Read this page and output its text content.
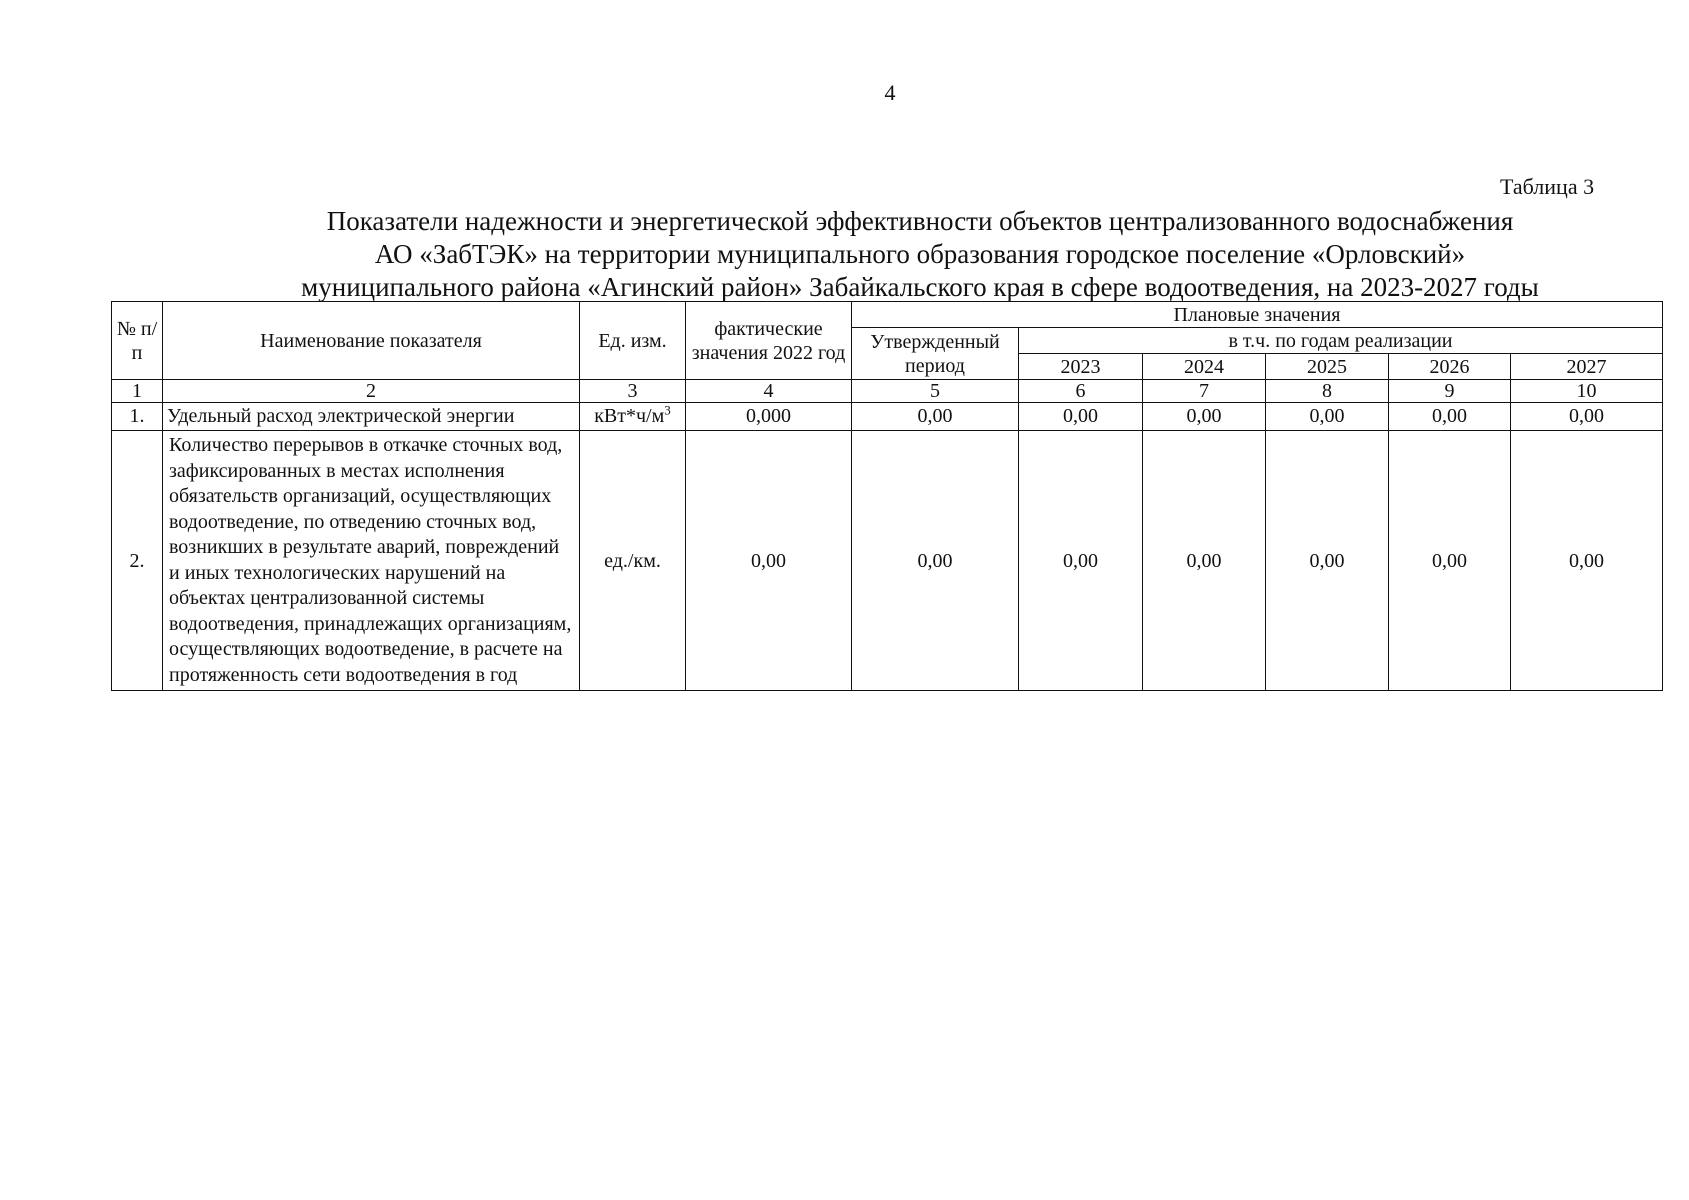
4
Таблица 3
Показатели надежности и энергетической эффективности объектов централизованного водоснабжения
АО «ЗабТЭК» на территории муниципального образования городское поселение «Орловский»
муниципального района «Агинский район» Забайкальского края в сфере водоотведения, на 2023-2027 годы
№ п/п	Наименование показателя	Ед. изм.	фактические значения 2022 год	Плановые значения					
				Утвержденный период	в т.ч. по годам реализации				
					2023	2024	2025	2026	2027
1	2	3	4	5	6	7	8	9	10
1.	Удельный расход электрической энергии	$кВт*ч/м^3$	0,000	0,00	0,00	0,00	0,00	0,00	0,00
2.	Количество перерывов в откачке сточных вод, зафиксированных в местах исполнения обязательств организаций, осуществляющих водоотведение, по отведению сточных вод, возникших в результате аварий, повреждений и иных технологических нарушений на объектах централизованной системы водоотведения, принадлежащих организациям, осуществляющих водоотведение, в расчете на протяженность сети водоотведения в год	ед./км.	0,00	0,00	0,00	0,00	0,00	0,00	0,00
